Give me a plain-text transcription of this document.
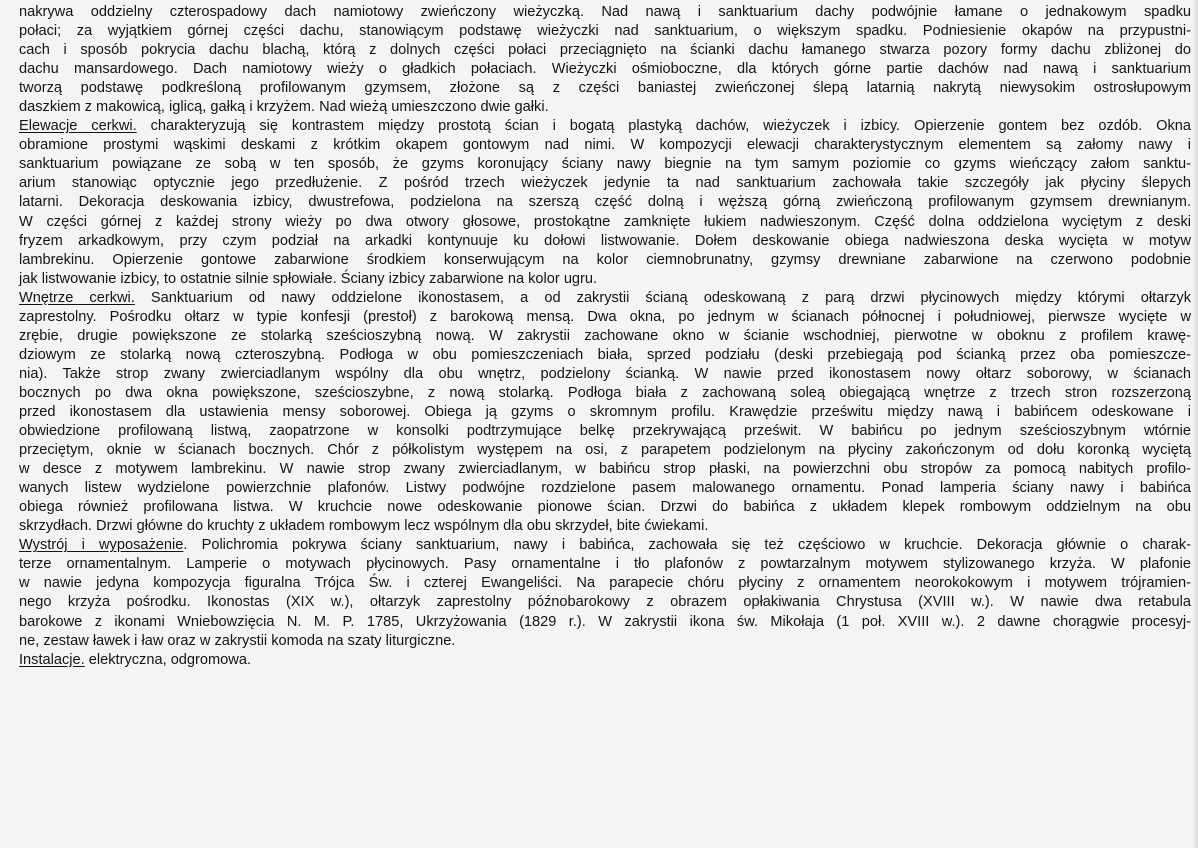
nakrywa oddzielny czterospadowy dach namiotowy zwieńczony wieżyczką. Nad nawą i sanktuarium dachy podwójnie łamane o jednakowym spadku
połaci; za wyjątkiem górnej części dachu, stanowiącym podstawę wieżyczki nad sanktuarium, o większym spadku. Podniesienie okapów na przypustni-
cach i sposób pokrycia dachu blachą, którą z dolnych części połaci przeciągnięto na ścianki dachu łamanego stwarza pozory formy dachu zbliżonej do
dachu mansardowego. Dach namiotowy wieży o gładkich połaciach. Wieżyczki ośmioboczne, dla których górne partie dachów nad nawą i sanktuarium
tworzą podstawę podkreśloną profilowanym gzymsem, złożone są z części baniastej zwieńczonej ślepą latarnią nakrytą niewysokim ostrosłupowym
daszkiem z makowicą, iglicą, gałką i krzyżem. Nad wieżą umieszczono dwie gałki.
Elewacje cerkwi. charakteryzują się kontrastem między prostotą ścian i bogatą plastyką dachów, wieżyczek i izbicy. Opierzenie gontem bez ozdób. Okna
obramione prostymi wąskimi deskami z krótkim okapem gontowym nad nimi. W kompozycji elewacji charakterystycznym elementem są załomy nawy i
sanktuarium powiązane ze sobą w ten sposób, że gzyms koronujący ściany nawy biegnie na tym samym poziomie co gzyms wieńczący załom sanktu-
arium stanowiąc optycznie jego przedłużenie. Z pośród trzech wieżyczek jedynie ta nad sanktuarium zachowała takie szczegóły jak płyciny ślepych
latarni. Dekoracja deskowania izbicy, dwustrefowa, podzielona na szerszą część dolną i węższą górną zwieńczoną profilowanym gzymsem drewnianym.
W części górnej z każdej strony wieży po dwa otwory głosowe, prostokątne zamknięte łukiem nadwieszonym. Część dolna oddzielona wyciętym z deski
fryzem arkadkowym, przy czym podział na arkadki kontynuuje ku dołowi listwowanie. Dołem deskowanie obiega nadwieszona deska wycięta w motyw
lambrekinu. Opierzenie gontowe zabarwione środkiem konserwującym na kolor ciemnobrunatny, gzymsy drewniane zabarwione na czerwono podobnie
jak listwowanie izbicy, to ostatnie silnie spłowiałe. Ściany izbicy zabarwione na kolor ugru.
Wnętrze cerkwi. Sanktuarium od nawy oddzielone ikonostasem, a od zakrystii ścianą odeskowaną z parą drzwi płycinowych między którymi ołtarzyk
zaprestolny. Pośrodku ołtarz w typie konfesji (prestoł) z barokową mensą. Dwa okna, po jednym w ścianach północnej i południowej, pierwsze wycięte w
zrębie, drugie powiększone ze stolarką sześcioszybną nową. W zakrystii zachowane okno w ścianie wschodniej, pierwotne w oboknu z profilem krawę-
dziowym ze stolarką nową czteroszybną. Podłoga w obu pomieszczeniach biała, sprzed podziału (deski przebiegają pod ścianką przez oba pomieszcze-
nia). Także strop zwany zwierciadlanym wspólny dla obu wnętrz, podzielony ścianką. W nawie przed ikonostasem nowy ołtarz soborowy, w ścianach
bocznych po dwa okna powiększone, sześcioszybne, z nową stolarką. Podłoga biała z zachowaną soleą obiegającą wnętrze z trzech stron rozszerzoną
przed ikonostasem dla ustawienia mensy soborowej. Obiega ją gzyms o skromnym profilu. Krawędzie prześwitu między nawą i babińcem odeskowane i
obwiedzione profilowaną listwą, zaopatrzone w konsolki podtrzymujące belkę przekrywającą prześwit. W babińcu po jednym sześcioszybnym wtórnie
przeciętym, oknie w ścianach bocznych. Chór z półkolistym występem na osi, z parapetem podzielonym na płyciny zakończonym od dołu koronką wyciętą
w desce z motywem lambrekinu. W nawie strop zwany zwierciadlanym, w babińcu strop płaski, na powierzchni obu stropów za pomocą nabitych profilo-
wanych listew wydzielone powierzchnie plafonów. Listwy podwójne rozdzielone pasem malowanego ornamentu. Ponad lamperia ściany nawy i babińca
obiega również profilowana listwa. W kruchcie nowe odeskowanie pionowe ścian. Drzwi do babińca z układem klepek rombowym oddzielnym na obu
skrzydłach. Drzwi główne do kruchty z układem rombowym lecz wspólnym dla obu skrzydeł, bite ćwiekami.
Wystrój i wyposażenie. Polichromia pokrywa ściany sanktuarium, nawy i babińca, zachowała się też częściowo w kruchcie. Dekoracja głównie o charak-
terze ornamentalnym. Lamperie o motywach płycinowych. Pasy ornamentalne i tło plafonów z powtarzalnym motywem stylizowanego krzyża. W plafonie
w nawie jedyna kompozycja figuralna Trójca Św. i czterej Ewangeliści. Na parapecie chóru płyciny z ornamentem neorokokowym i motywem trójramien-
nego krzyża pośrodku. Ikonostas (XIX w.), ołtarzyk zaprestolny późnobarokowy z obrazem opłakiwania Chrystusa (XVIII w.). W nawie dwa retabula
barokowe z ikonami Wniebowzięcia N. M. P. 1785, Ukrzyżowania (1829 r.). W zakrystii ikona św. Mikołaja (1 poł. XVIII w.). 2 dawne chorągwie procesyj-
ne, zestaw ławek i ław oraz w zakrystii komoda na szaty liturgiczne.
Instalacje. elektryczna, odgromowa.
